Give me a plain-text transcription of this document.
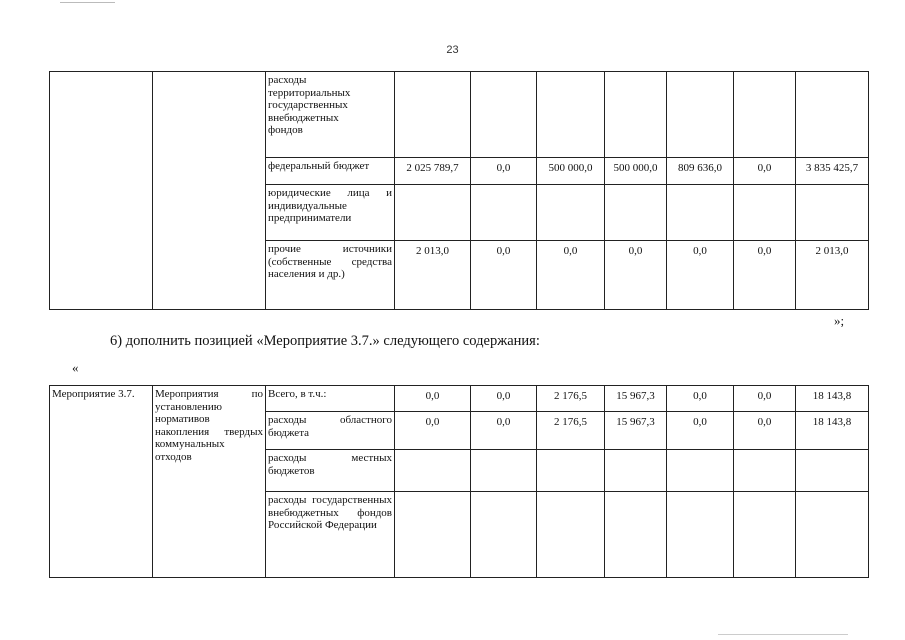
23

		расходы
территориальных
государственных
внебюджетных
фондов							

		федеральный бюджет	2 025 789,7	0,0	500 000,0	500 000,0	809 636,0	0,0	3 835 425,7
		юридические лица и индивидуальные предприниматели							
		прочие источники (собственные средства населения и др.)	2 013,0	0,0	0,0	0,0	0,0	0,0	2 013,0
»;
6) дополнить позицией «Мероприятие 3.7.» следующего содержания:
«
Мероприятие 3.7.	Мероприятия по установлению нормативов накопления твердых коммунальных отходов	Всего, в т.ч.:	0,0	0,0	2 176,5	15 967,3	0,0	0,0	18 143,8
		расходы областного бюджета	0,0	0,0	2 176,5	15 967,3	0,0	0,0	18 143,8
		расходы местных бюджетов							
		расходы государственных внебюджетных фондов Российской Федерации							
